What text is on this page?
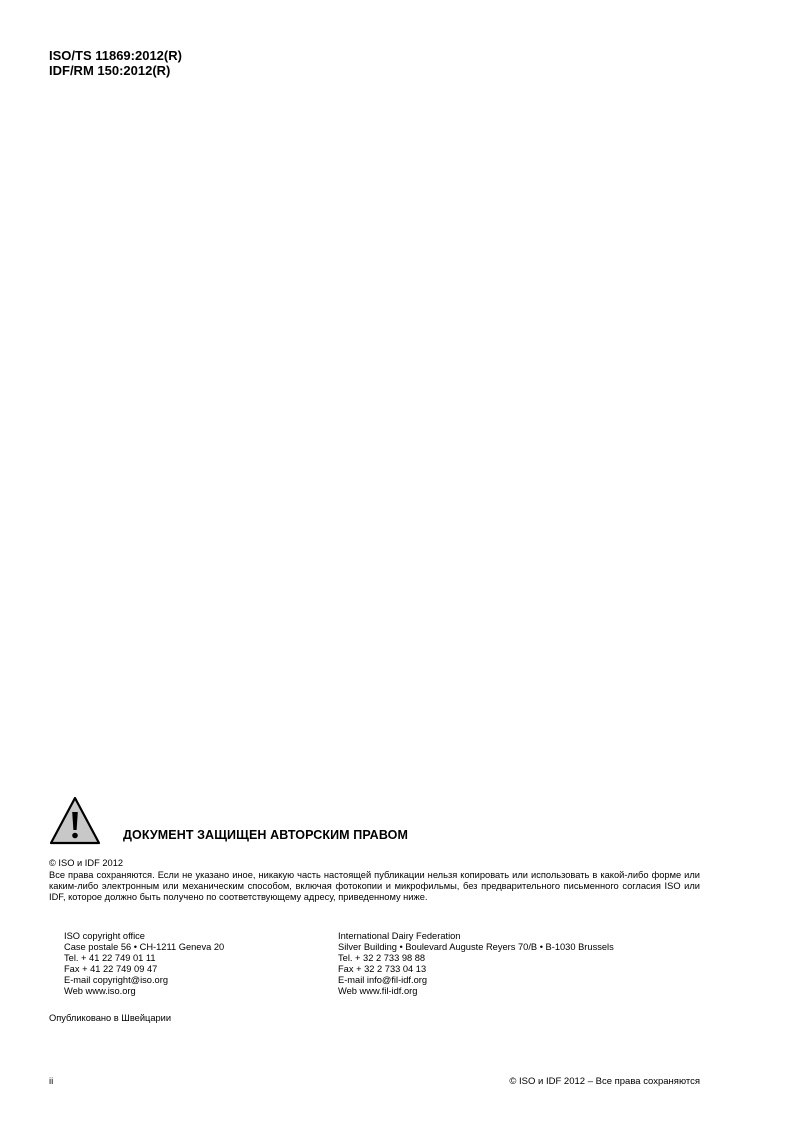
ISO/TS 11869:2012(R)
IDF/RM 150:2012(R)
ДОКУМЕНТ ЗАЩИЩЕН АВТОРСКИМ ПРАВОМ
© ISO и IDF 2012
Все права сохраняются. Если не указано иное, никакую часть настоящей публикации нельзя копировать или использовать в какой-либо форме или каким-либо электронным или механическим способом, включая фотокопии и микрофильмы, без предварительного письменного согласия ISO или IDF, которое должно быть получено по соответствующему адресу, приведенному ниже.
ISO copyright office
Case postale 56 • CH-1211 Geneva 20
Tel. + 41 22 749 01 11
Fax + 41 22 749 09 47
E-mail copyright@iso.org
Web www.iso.org
International Dairy Federation
Silver Building • Boulevard Auguste Reyers 70/B • B-1030 Brussels
Tel. + 32 2 733 98 88
Fax + 32 2 733 04 13
E-mail info@fil-idf.org
Web www.fil-idf.org
Опубликовано в Швейцарии
ii	© ISO и IDF 2012 – Все права сохраняются
